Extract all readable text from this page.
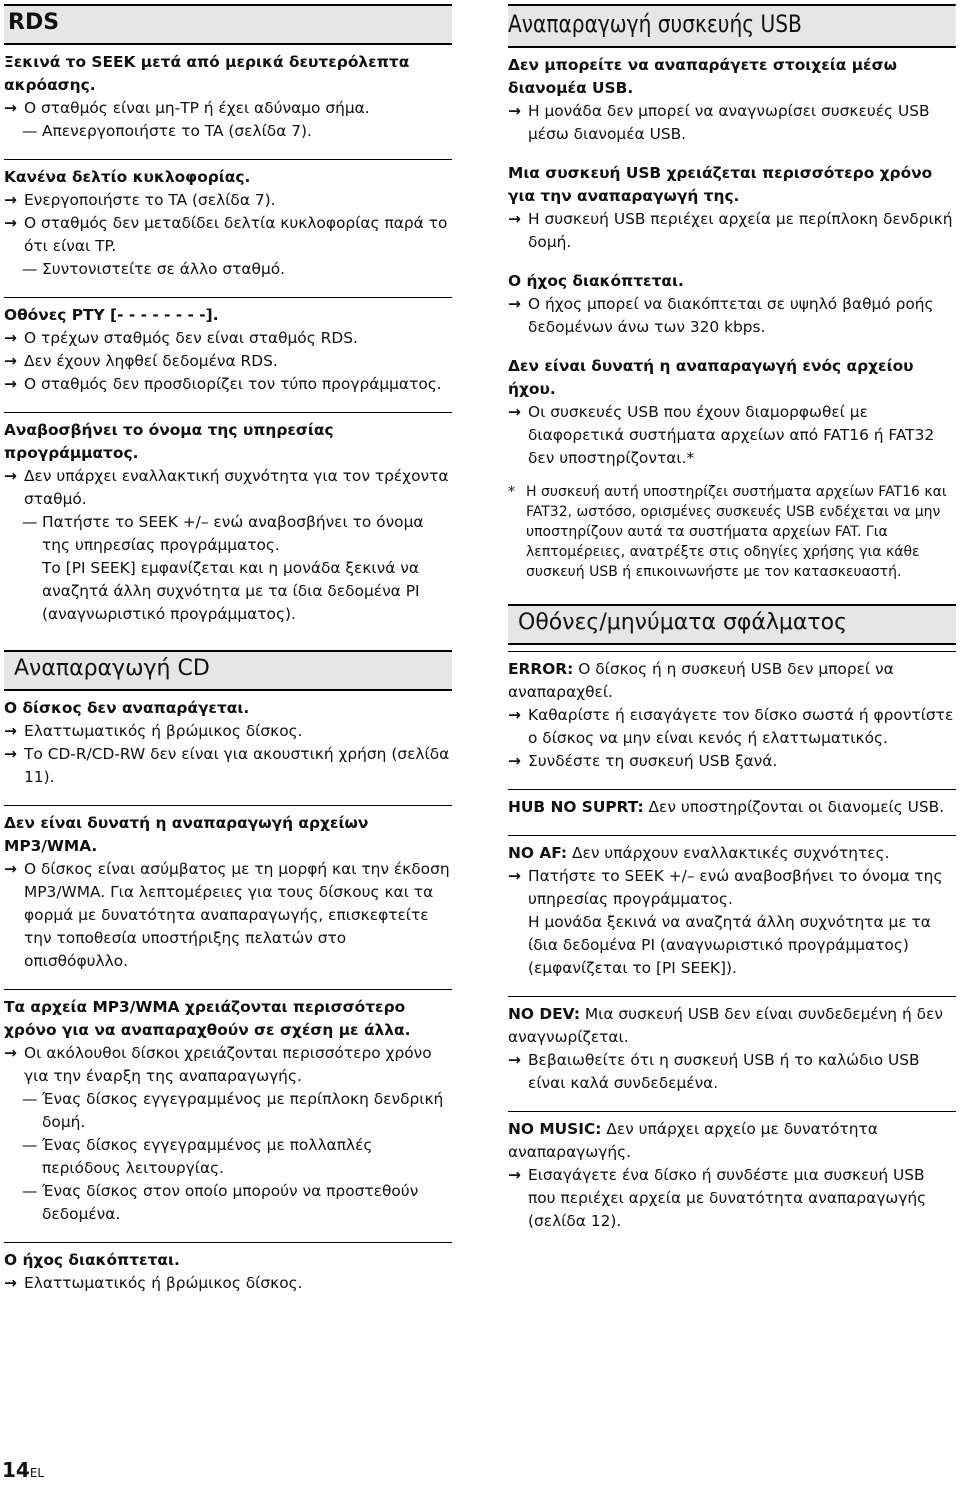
RDS
Ξεκινά το SEEK μετά από μερικά δευτερόλεπτα ακρόασης.
→ Ο σταθμός είναι μη-TP ή έχει αδύναμο σήμα.
— Απενεργοποιήστε το TA (σελίδα 7).
Κανένα δελτίο κυκλοφορίας.
→ Ενεργοποιήστε το TA (σελίδα 7).
→ Ο σταθμός δεν μεταδίδει δελτία κυκλοφορίας παρά το ότι είναι TP.
— Συντονιστείτε σε άλλο σταθμό.
Οθόνες PTY [- - - - - - - -].
→ Ο τρέχων σταθμός δεν είναι σταθμός RDS.
→ Δεν έχουν ληφθεί δεδομένα RDS.
→ Ο σταθμός δεν προσδιορίζει τον τύπο προγράμματος.
Αναβοσβήνει το όνομα της υπηρεσίας προγράμματος.
→ Δεν υπάρχει εναλλακτική συχνότητα για τον τρέχοντα σταθμό.
— Πατήστε το SEEK +/– ενώ αναβοσβήνει το όνομα της υπηρεσίας προγράμματος.
Το [PI SEEK] εμφανίζεται και η μονάδα ξεκινά να αναζητά άλλη συχνότητα με τα ίδια δεδομένα PI (αναγνωριστικό προγράμματος).
Αναπαραγωγή CD
Ο δίσκος δεν αναπαράγεται.
→ Ελαττωματικός ή βρώμικος δίσκος.
→ Το CD-R/CD-RW δεν είναι για ακουστική χρήση (σελίδα 11).
Δεν είναι δυνατή η αναπαραγωγή αρχείων MP3/WMA.
→ Ο δίσκος είναι ασύμβατος με τη μορφή και την έκδοση MP3/WMA. Για λεπτομέρειες για τους δίσκους και τα φορμά με δυνατότητα αναπαραγωγής, επισκεφτείτε την τοποθεσία υποστήριξης πελατών στο οπισθόφυλλο.
Τα αρχεία MP3/WMA χρειάζονται περισσότερο χρόνο για να αναπαραχθούν σε σχέση με άλλα.
→ Οι ακόλουθοι δίσκοι χρειάζονται περισσότερο χρόνο για την έναρξη της αναπαραγωγής.
— Ένας δίσκος εγγεγραμμένος με περίπλοκη δενδρική δομή.
— Ένας δίσκος εγγεγραμμένος με πολλαπλές περιόδους λειτουργίας.
— Ένας δίσκος στον οποίο μπορούν να προστεθούν δεδομένα.
Ο ήχος διακόπτεται.
→ Ελαττωματικός ή βρώμικος δίσκος.
Αναπαραγωγή συσκευής USB
Δεν μπορείτε να αναπαράγετε στοιχεία μέσω διανομέα USB.
→ Η μονάδα δεν μπορεί να αναγνωρίσει συσκευές USB μέσω διανομέα USB.
Μια συσκευή USB χρειάζεται περισσότερο χρόνο για την αναπαραγωγή της.
→ Η συσκευή USB περιέχει αρχεία με περίπλοκη δενδρική δομή.
Ο ήχος διακόπτεται.
→ Ο ήχος μπορεί να διακόπτεται σε υψηλό βαθμό ροής δεδομένων άνω των 320 kbps.
Δεν είναι δυνατή η αναπαραγωγή ενός αρχείου ήχου.
→ Οι συσκευές USB που έχουν διαμορφωθεί με διαφορετικά συστήματα αρχείων από FAT16 ή FAT32 δεν υποστηρίζονται.*
* Η συσκευή αυτή υποστηρίζει συστήματα αρχείων FAT16 και FAT32, ωστόσο, ορισμένες συσκευές USB ενδέχεται να μην υποστηρίζουν αυτά τα συστήματα αρχείων FAT. Για λεπτομέρειες, ανατρέξτε στις οδηγίες χρήσης για κάθε συσκευή USB ή επικοινωνήστε με τον κατασκευαστή.
Οθόνες/μηνύματα σφάλματος
ERROR: Ο δίσκος ή η συσκευή USB δεν μπορεί να αναπαραχθεί.
→ Καθαρίστε ή εισαγάγετε τον δίσκο σωστά ή φροντίστε ο δίσκος να μην είναι κενός ή ελαττωματικός.
→ Συνδέστε τη συσκευή USB ξανά.
HUB NO SUPRT: Δεν υποστηρίζονται οι διανομείς USB.
NO AF: Δεν υπάρχουν εναλλακτικές συχνότητες.
→ Πατήστε το SEEK +/– ενώ αναβοσβήνει το όνομα της υπηρεσίας προγράμματος.
Η μονάδα ξεκινά να αναζητά άλλη συχνότητα με τα ίδια δεδομένα PI (αναγνωριστικό προγράμματος) (εμφανίζεται το [PI SEEK]).
NO DEV: Μια συσκευή USB δεν είναι συνδεδεμένη ή δεν αναγνωρίζεται.
→ Βεβαιωθείτε ότι η συσκευή USB ή το καλώδιο USB είναι καλά συνδεδεμένα.
NO MUSIC: Δεν υπάρχει αρχείο με δυνατότητα αναπαραγωγής.
→ Εισαγάγετε ένα δίσκο ή συνδέστε μια συσκευή USB που περιέχει αρχεία με δυνατότητα αναπαραγωγής (σελίδα 12).
14EL
